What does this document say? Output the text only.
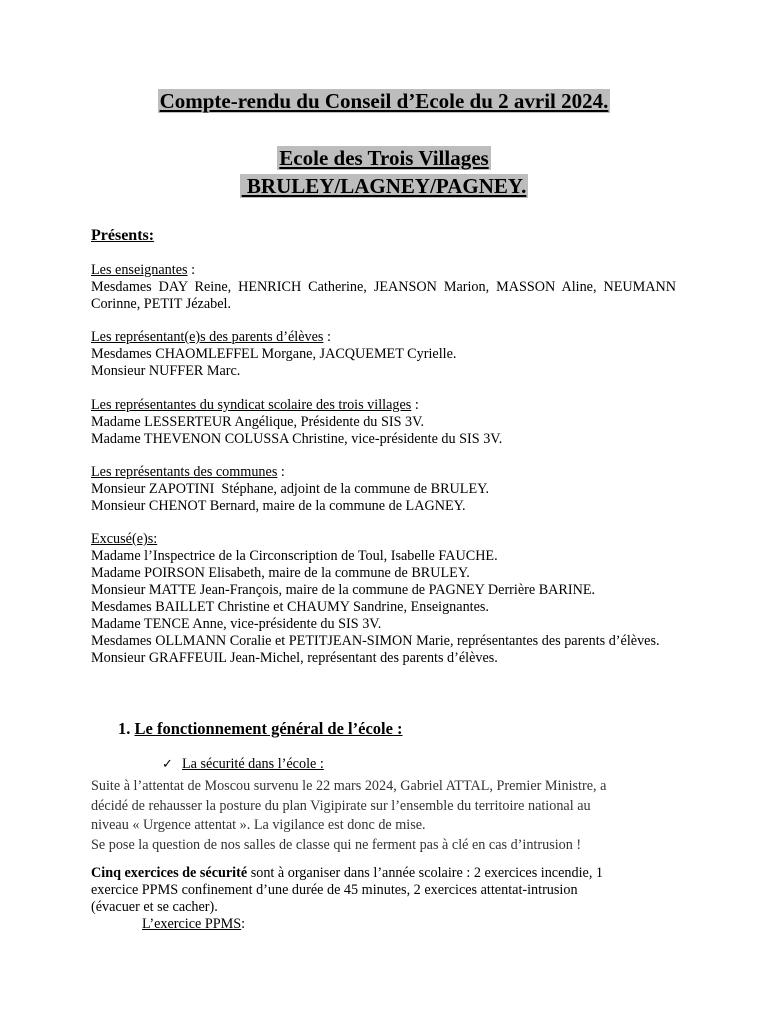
Compte-rendu du Conseil d’Ecole du 2 avril 2024.
Ecole des Trois Villages
BRULEY/LAGNEY/PAGNEY.
Présents:
Les enseignantes :
Mesdames DAY Reine, HENRICH Catherine, JEANSON Marion, MASSON Aline, NEUMANN Corinne, PETIT Jézabel.
Les représentant(e)s des parents d’élèves :
Mesdames CHAOMLEFFEL Morgane, JACQUEMET Cyrielle.
Monsieur NUFFER Marc.
Les représentantes du syndicat scolaire des trois villages :
Madame LESSERTEUR Angélique, Présidente du SIS 3V.
Madame THEVENON COLUSSA Christine, vice-présidente du SIS 3V.
Les représentants des communes :
Monsieur ZAPOTINI  Stéphane, adjoint de la commune de BRULEY.
Monsieur CHENOT Bernard, maire de la commune de LAGNEY.
Excusé(e)s:
Madame l’Inspectrice de la Circonscription de Toul, Isabelle FAUCHE.
Madame POIRSON Elisabeth, maire de la commune de BRULEY.
Monsieur MATTE Jean-François, maire de la commune de PAGNEY Derrière BARINE.
Mesdames BAILLET Christine et CHAUMY Sandrine, Enseignantes.
Madame TENCE Anne, vice-présidente du SIS 3V.
Mesdames OLLMANN Coralie et PETITJEAN-SIMON Marie, représentantes des parents d’élèves.
Monsieur GRAFFEUIL Jean-Michel, représentant des parents d’élèves.
1. Le fonctionnement général de l’école :
✓ La sécurité dans l’école :
Suite à l’attentat de Moscou survenu le 22 mars 2024, Gabriel ATTAL, Premier Ministre, a
décidé de rehausser la posture du plan Vigipirate sur l’ensemble du territoire national au
niveau « Urgence attentat ». La vigilance est donc de mise.
Se pose la question de nos salles de classe qui ne ferment pas à clé en cas d’intrusion !
Cinq exercices de sécurité sont à organiser dans l’année scolaire : 2 exercices incendie, 1
exercice PPMS confinement d’une durée de 45 minutes, 2 exercices attentat-intrusion
(évacuer et se cacher).
L’exercice PPMS:
